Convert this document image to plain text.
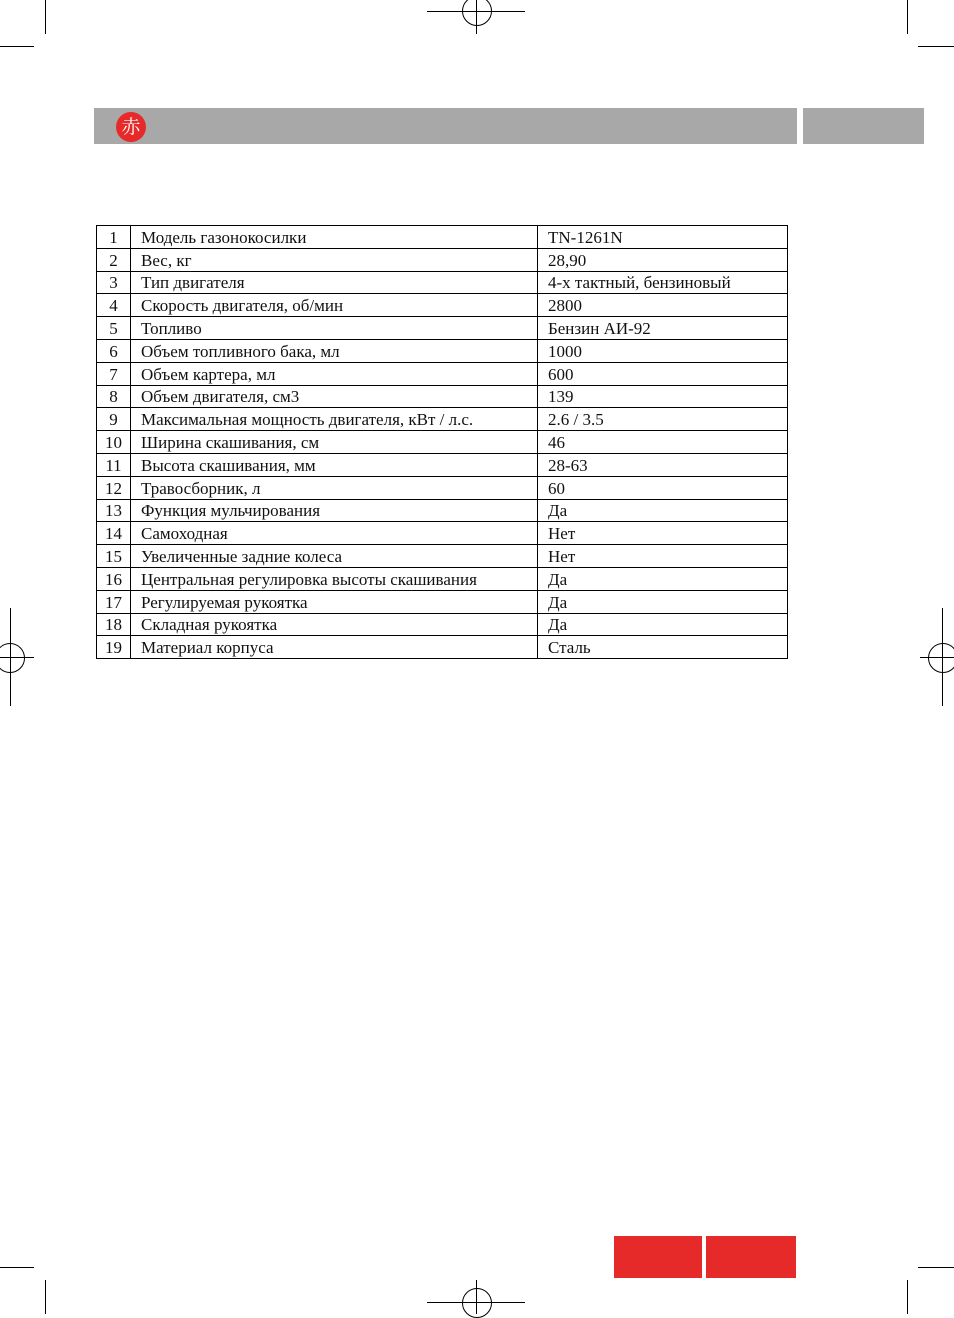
赤
1	Модель газонокосилки	TN-1261N
2	Вес, кг	28,90
3	Тип двигателя	4-х тактный, бензиновый
4	Скорость двигателя, об/мин	2800
5	Топливо	Бензин АИ-92
6	Объем топливного бака, мл	1000
7	Объем картера, мл	600
8	Объем двигателя, см3	139
9	Максимальная мощность двигателя, кВт / л.с.	2.6 / 3.5
10	Ширина скашивания, см	46
11	Высота скашивания, мм	28-63
12	Травосборник, л	60
13	Функция мульчирования	Да
14	Самоходная	Нет
15	Увеличенные задние колеса	Нет
16	Центральная регулировка высоты скашивания	Да
17	Регулируемая рукоятка	Да
18	Складная рукоятка	Да
19	Материал корпуса	Сталь
